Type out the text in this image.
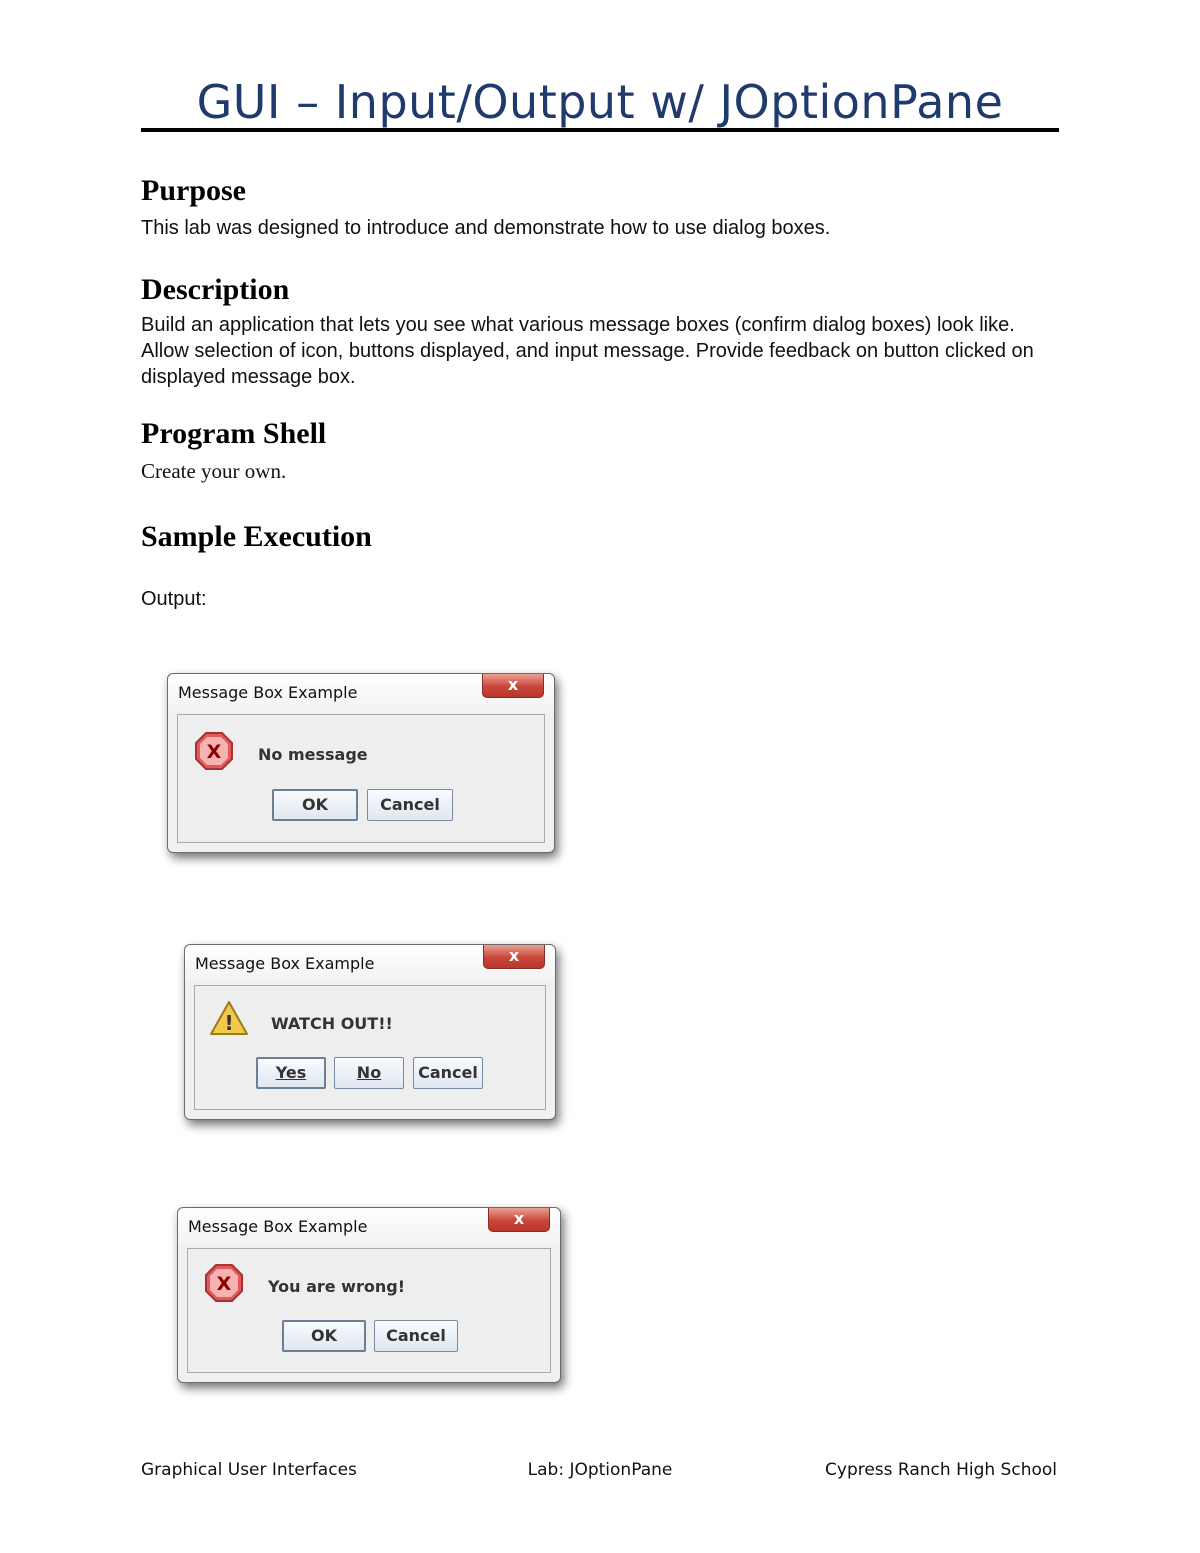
GUI – Input/Output w/ JOptionPane
Purpose
This lab was designed to introduce and demonstrate how to use dialog boxes.
Description
Build an application that lets you see what various message boxes (confirm dialog boxes) look like. Allow selection of icon, buttons displayed, and input message. Provide feedback on button clicked on displayed message box.
Program Shell
Create your own.
Sample Execution
Output:
Message Box Example	x
X No message
OK	Cancel
Message Box Example	x
! WATCH OUT!!
Yes	No	Cancel
Message Box Example	x
X You are wrong!
OK	Cancel
Graphical User Interfaces	Lab: JOptionPane	Cypress Ranch High School
